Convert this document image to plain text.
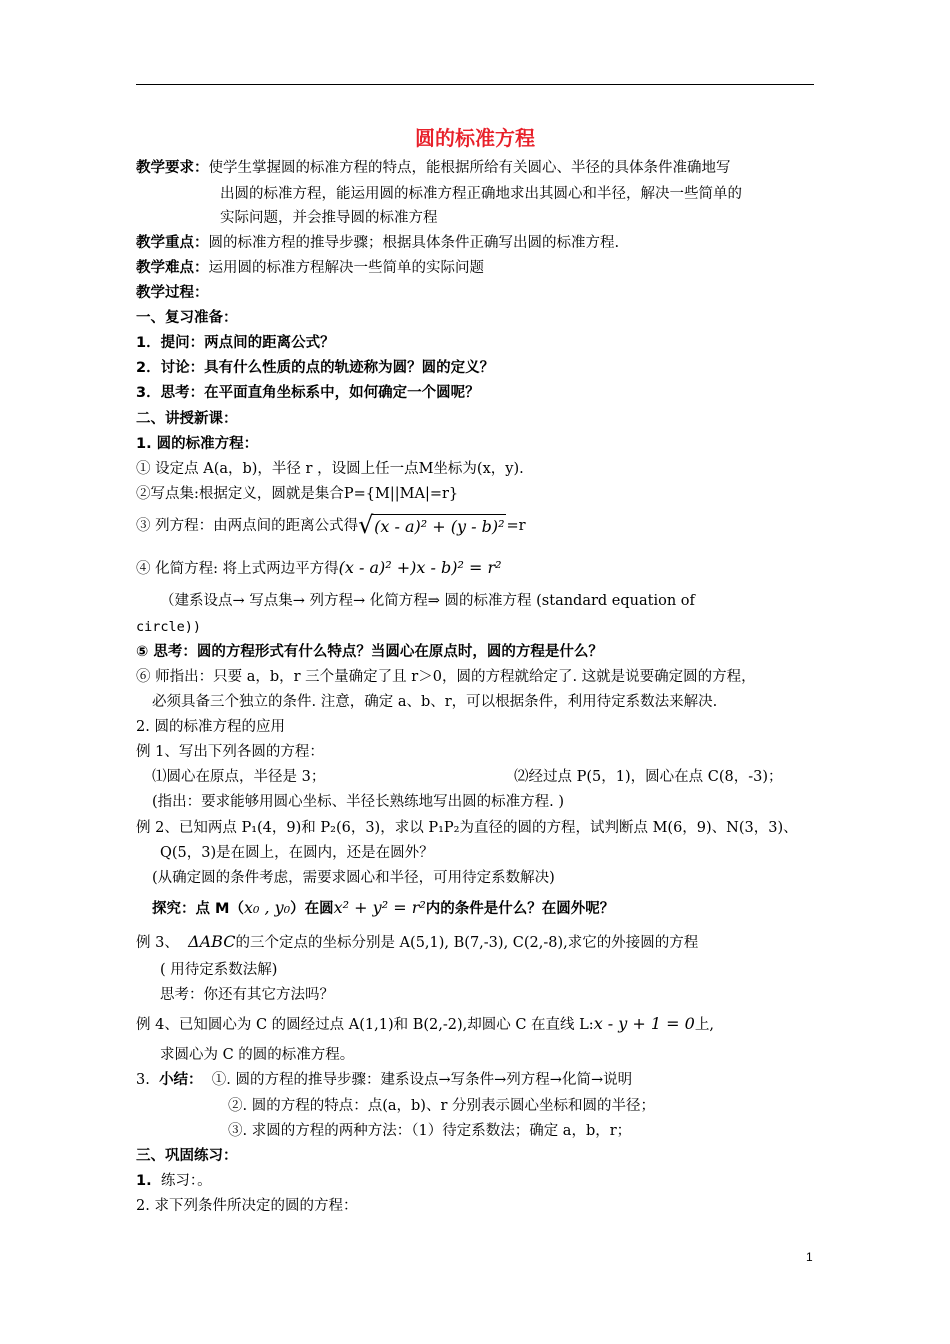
圆的标准方程
教学要求：使学生掌握圆的标准方程的特点，能根据所给有关圆心、半径的具体条件准确地写
出圆的标准方程，能运用圆的标准方程正确地求出其圆心和半径，解决一些简单的
实际问题，并会推导圆的标准方程
教学重点：圆的标准方程的推导步骤；根据具体条件正确写出圆的标准方程.
教学难点：运用圆的标准方程解决一些简单的实际问题
教学过程：
一、复习准备：
1．提问：两点间的距离公式？
2．讨论：具有什么性质的点的轨迹称为圆？圆的定义？
3．思考：在平面直角坐标系中，如何确定一个圆呢？
二、讲授新课：
1. 圆的标准方程：
① 设定点 A(a，b)，半径 r ，设圆上任一点M坐标为(x，y).
②写点集:根据定义，圆就是集合P={M||MA|=r}
③ 列方程：由两点间的距离公式得 √ (x - a)² + (y - b)² =r
④ 化简方程: 将上式两边平方得(x - a)² +)x - b)² = r²
（建系设点→ 写点集→ 列方程→ 化简方程⇒ 圆的标准方程 (standard equation of
circle))
⑤ 思考：圆的方程形式有什么特点？当圆心在原点时，圆的方程是什么？
⑥ 师指出：只要 a，b，r 三个量确定了且 r＞0，圆的方程就给定了. 这就是说要确定圆的方程，
必须具备三个独立的条件. 注意，确定 a、b、r，可以根据条件，利用待定系数法来解决.
2. 圆的标准方程的应用
例 1、写出下列各圆的方程：
⑴圆心在原点，半径是 3；	⑵经过点 P(5，1)，圆心在点 C(8，-3)；
(指出：要求能够用圆心坐标、半径长熟练地写出圆的标准方程. )
例 2、已知两点 P₁(4，9)和 P₂(6，3)，求以 P₁P₂为直径的圆的方程，试判断点 M(6，9)、N(3，3)、
Q(5，3)是在圆上，在圆内，还是在圆外？
(从确定圆的条件考虑，需要求圆心和半径，可用待定系数解决)
探究：点 M（x₀ , y₀）在圆x² + y² = r²内的条件是什么？在圆外呢？
例 3、 ΔABC的三个定点的坐标分别是 A(5,1), B(7,-3), C(2,-8),求它的外接圆的方程
( 用待定系数法解)
思考：你还有其它方法吗？
例 4、已知圆心为 C 的圆经过点 A(1,1)和 B(2,-2),却圆心 C 在直线 L:x - y + 1 = 0上,
求圆心为 C 的圆的标准方程。
3. 小结： ①. 圆的方程的推导步骤：建系设点→写条件→列方程→化简→说明
②. 圆的方程的特点：点(a，b)、r 分别表示圆心坐标和圆的半径；
③. 求圆的方程的两种方法：（1）待定系数法；确定 a，b，r；
三、巩固练习：
1. 练习：。
2. 求下列条件所决定的圆的方程：
1
